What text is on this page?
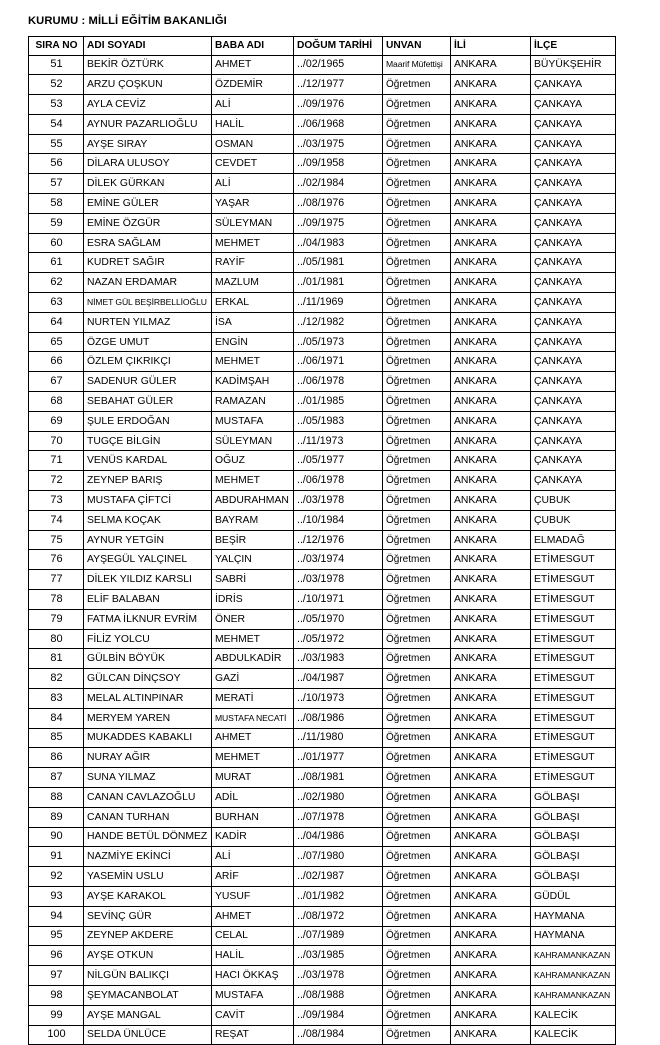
KURUMU : MİLLİ EĞİTİM BAKANLIĞI
SIRA NO	ADI SOYADI	BABA ADI	DOĞUM TARİHİ	UNVAN	İLİ	İLÇE
51	BEKİR ÖZTÜRK	AHMET	../02/1965	Maarif Müfettişi	ANKARA	BÜYÜKŞEHİR
52	ARZU ÇOŞKUN	ÖZDEMİR	../12/1977	Öğretmen	ANKARA	ÇANKAYA
53	AYLA CEVİZ	ALİ	../09/1976	Öğretmen	ANKARA	ÇANKAYA
54	AYNUR PAZARLIOĞLU	HALİL	../06/1968	Öğretmen	ANKARA	ÇANKAYA
55	AYŞE SIRAY	OSMAN	../03/1975	Öğretmen	ANKARA	ÇANKAYA
56	DİLARA ULUSOY	CEVDET	../09/1958	Öğretmen	ANKARA	ÇANKAYA
57	DİLEK GÜRKAN	ALİ	../02/1984	Öğretmen	ANKARA	ÇANKAYA
58	EMİNE GÜLER	YAŞAR	../08/1976	Öğretmen	ANKARA	ÇANKAYA
59	EMİNE ÖZGÜR	SÜLEYMAN	../09/1975	Öğretmen	ANKARA	ÇANKAYA
60	ESRA SAĞLAM	MEHMET	../04/1983	Öğretmen	ANKARA	ÇANKAYA
61	KUDRET SAĞIR	RAYİF	../05/1981	Öğretmen	ANKARA	ÇANKAYA
62	NAZAN ERDAMAR	MAZLUM	../01/1981	Öğretmen	ANKARA	ÇANKAYA
63	NİMET GÜL BEŞİRBELLİOĞLU	ERKAL	../11/1969	Öğretmen	ANKARA	ÇANKAYA
64	NURTEN YILMAZ	İSA	../12/1982	Öğretmen	ANKARA	ÇANKAYA
65	ÖZGE UMUT	ENGİN	../05/1973	Öğretmen	ANKARA	ÇANKAYA
66	ÖZLEM ÇIKRIKÇI	MEHMET	../06/1971	Öğretmen	ANKARA	ÇANKAYA
67	SADENUR GÜLER	KADİMŞAH	../06/1978	Öğretmen	ANKARA	ÇANKAYA
68	SEBAHAT GÜLER	RAMAZAN	../01/1985	Öğretmen	ANKARA	ÇANKAYA
69	ŞULE ERDOĞAN	MUSTAFA	../05/1983	Öğretmen	ANKARA	ÇANKAYA
70	TUGÇE BİLGİN	SÜLEYMAN	../11/1973	Öğretmen	ANKARA	ÇANKAYA
71	VENÜS KARDAL	OĞUZ	../05/1977	Öğretmen	ANKARA	ÇANKAYA
72	ZEYNEP BARIŞ	MEHMET	../06/1978	Öğretmen	ANKARA	ÇANKAYA
73	MUSTAFA ÇİFTCİ	ABDURAHMAN	../03/1978	Öğretmen	ANKARA	ÇUBUK
74	SELMA KOÇAK	BAYRAM	../10/1984	Öğretmen	ANKARA	ÇUBUK
75	AYNUR YETGİN	BEŞİR	../12/1976	Öğretmen	ANKARA	ELMADAĞ
76	AYŞEGÜL YALÇINEL	YALÇIN	../03/1974	Öğretmen	ANKARA	ETİMESGUT
77	DİLEK YILDIZ KARSLI	SABRİ	../03/1978	Öğretmen	ANKARA	ETİMESGUT
78	ELİF BALABAN	İDRİS	../10/1971	Öğretmen	ANKARA	ETİMESGUT
79	FATMA İLKNUR EVRİM	ÖNER	../05/1970	Öğretmen	ANKARA	ETİMESGUT
80	FİLİZ YOLCU	MEHMET	../05/1972	Öğretmen	ANKARA	ETİMESGUT
81	GÜLBİN BÖYÜK	ABDULKADİR	../03/1983	Öğretmen	ANKARA	ETİMESGUT
82	GÜLCAN DİNÇSOY	GAZİ	../04/1987	Öğretmen	ANKARA	ETİMESGUT
83	MELAL ALTINPINAR	MERATİ	../10/1973	Öğretmen	ANKARA	ETİMESGUT
84	MERYEM YAREN	MUSTAFA NECATİ	../08/1986	Öğretmen	ANKARA	ETİMESGUT
85	MUKADDES KABAKLI	AHMET	../11/1980	Öğretmen	ANKARA	ETİMESGUT
86	NURAY AĞIR	MEHMET	../01/1977	Öğretmen	ANKARA	ETİMESGUT
87	SUNA YILMAZ	MURAT	../08/1981	Öğretmen	ANKARA	ETİMESGUT
88	CANAN CAVLAZOĞLU	ADİL	../02/1980	Öğretmen	ANKARA	GÖLBAŞI
89	CANAN TURHAN	BURHAN	../07/1978	Öğretmen	ANKARA	GÖLBAŞI
90	HANDE BETÜL DÖNMEZ	KADİR	../04/1986	Öğretmen	ANKARA	GÖLBAŞI
91	NAZMİYE EKİNCİ	ALİ	../07/1980	Öğretmen	ANKARA	GÖLBAŞI
92	YASEMİN USLU	ARİF	../02/1987	Öğretmen	ANKARA	GÖLBAŞI
93	AYŞE KARAKOL	YUSUF	../01/1982	Öğretmen	ANKARA	GÜDÜL
94	SEVİNÇ GÜR	AHMET	../08/1972	Öğretmen	ANKARA	HAYMANA
95	ZEYNEP AKDERE	CELAL	../07/1989	Öğretmen	ANKARA	HAYMANA
96	AYŞE OTKUN	HALİL	../03/1985	Öğretmen	ANKARA	KAHRAMANKAZAN
97	NİLGÜN BALIKÇI	HACI ÖKKAŞ	../03/1978	Öğretmen	ANKARA	KAHRAMANKAZAN
98	ŞEYMACANBOLAT	MUSTAFA	../08/1988	Öğretmen	ANKARA	KAHRAMANKAZAN
99	AYŞE MANGAL	CAVİT	../09/1984	Öğretmen	ANKARA	KALECİK
100	SELDA ÜNLÜCE	REŞAT	../08/1984	Öğretmen	ANKARA	KALECİK
